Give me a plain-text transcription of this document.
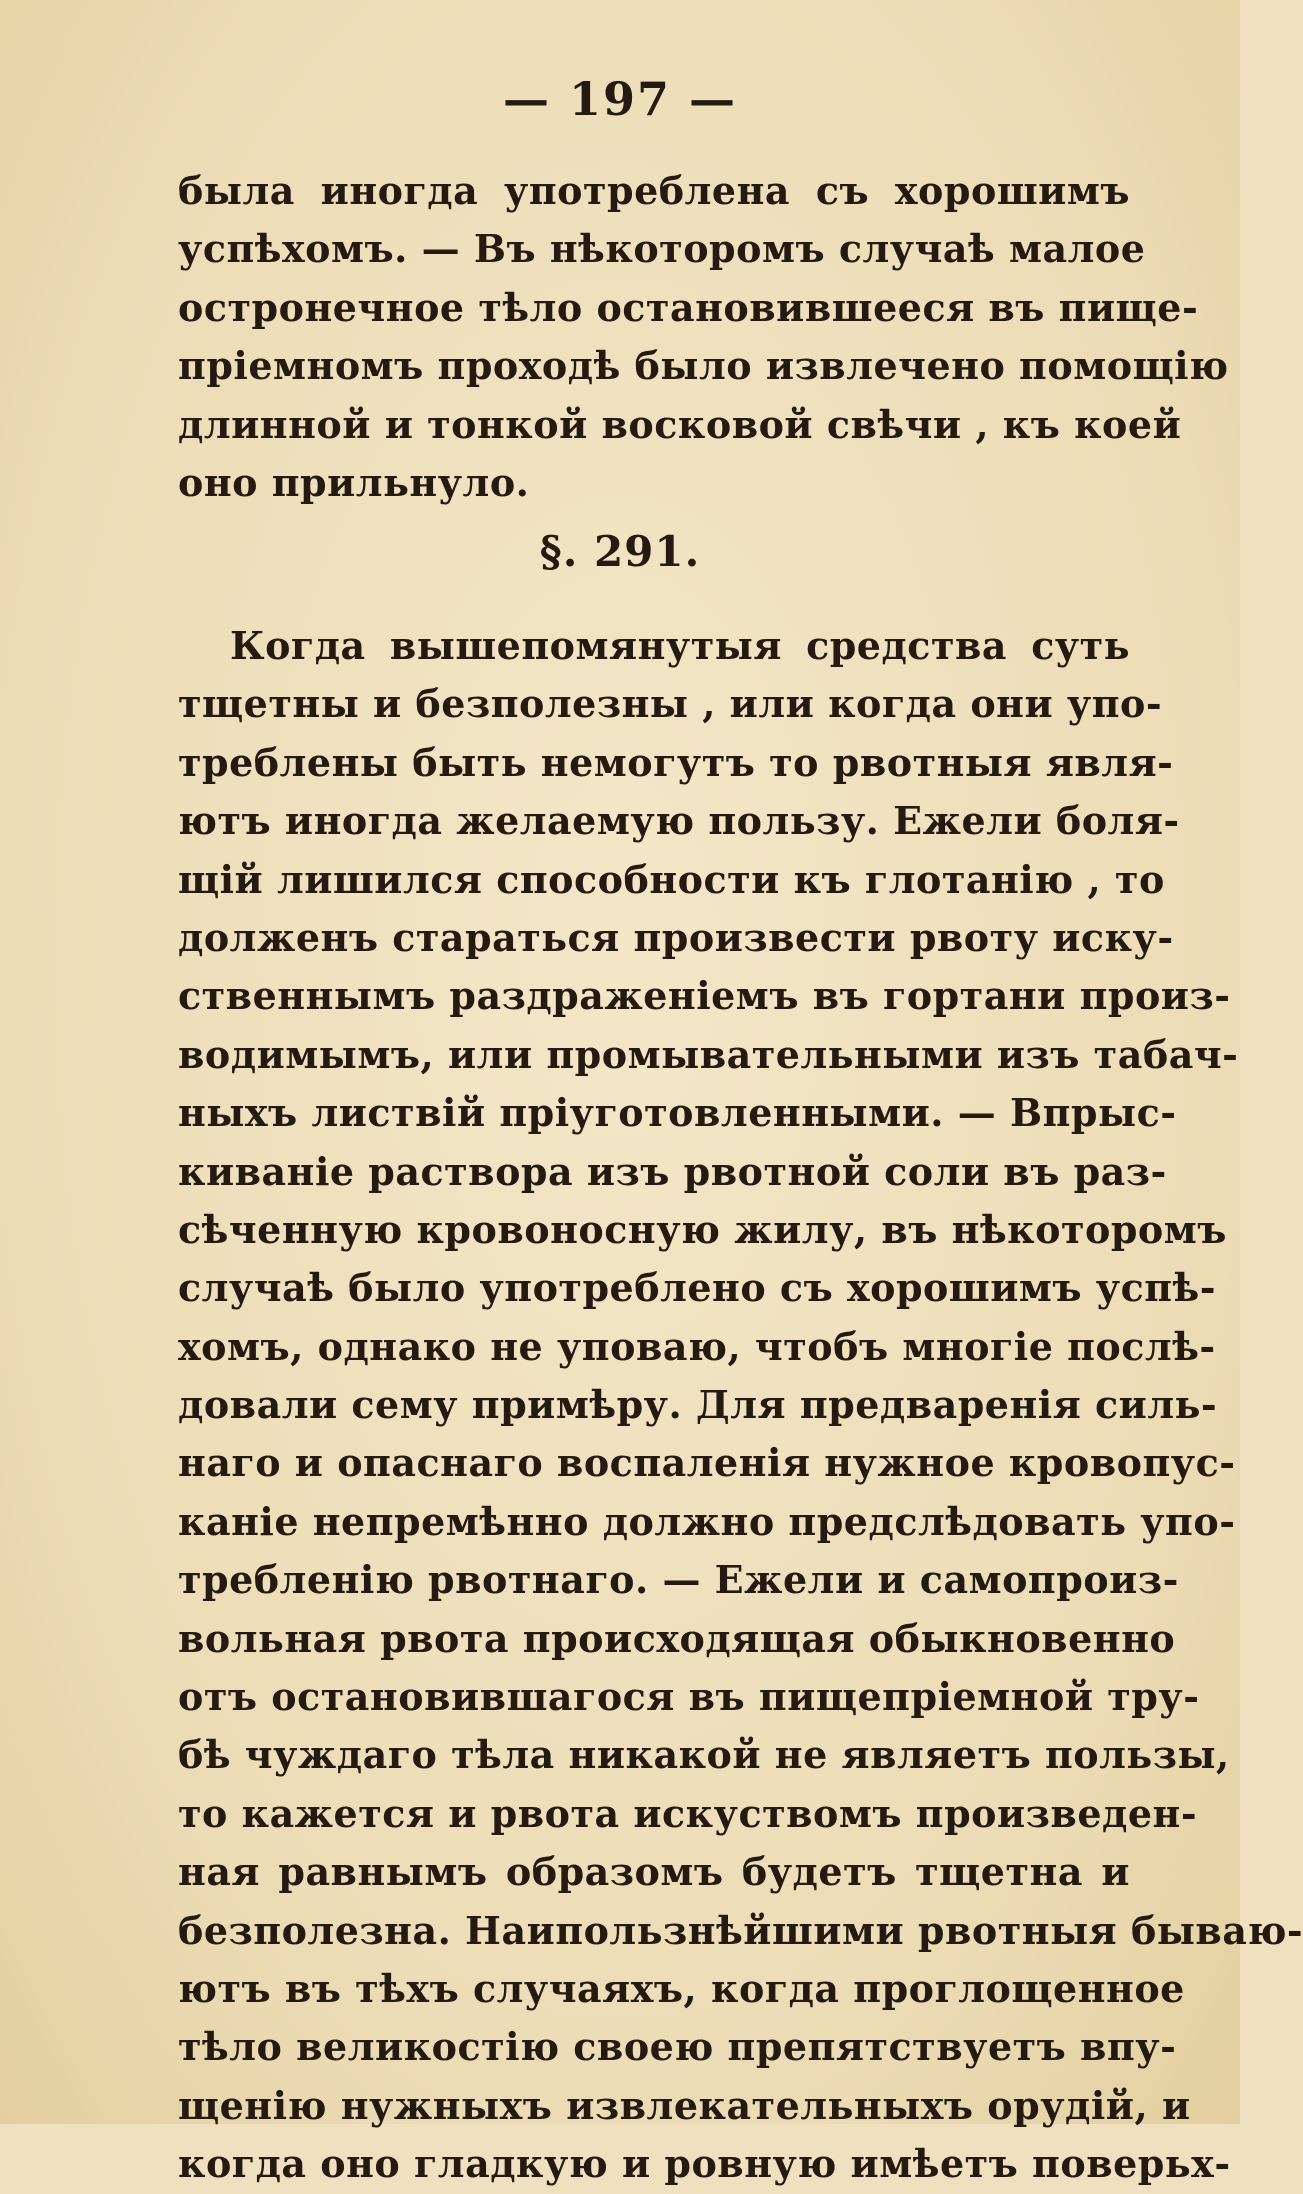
— 197 —
была иногда употреблена съ хорошимъ
успѣхомъ. — Въ нѣкоторомъ случаѣ малое
остронечное тѣло остановившееся въ пище-
пріемномъ проходѣ было извлечено помощію
длинной и тонкой восковой свѣчи , къ коей
оно прильнуло.
§. 291.
Когда вышепомянутыя средства суть
тщетны и безполезны , или когда они упо-
треблены быть немогутъ то рвотныя явля-
ютъ иногда желаемую пользу. Ежели боля-
щій лишился способности къ глотанію , то
долженъ стараться произвести рвоту иску-
ственнымъ раздраженіемъ въ гортани произ-
водимымъ, или промывательными изъ табач-
ныхъ листвій пріуготовленными. — Впрыс-
киванiе раствора изъ рвотной соли въ раз-
сѣченную кровоносную жилу, въ нѣкоторомъ
случаѣ было употреблено съ хорошимъ успѣ-
хомъ, однако не уповаю, чтобъ многіе послѣ-
довали сему примѣру. Для предваренія силь-
наго и опаснаго воспаленія нужное кровопус-
канiе непремѣнно должно предслѣдовать упо-
требленію рвотнаго. — Ежели и самопроиз-
вольная рвота происходящая обыкновенно
отъ остановившагося въ пищепріемной тру-
бѣ чуждаго тѣла никакой не являетъ пользы,
то кажется и рвота искуствомъ произведен-
ная равнымъ образомъ будетъ тщетна и
безполезна. Наипользнѣйшими рвотныя бываю-
ютъ въ тѣхъ случаяхъ, когда проглощенное
тѣло великостію своею препятствуетъ впу-
щенію нужныхъ извлекательныхъ орудій, и
когда оно гладкую и ровную имѣетъ поверьх-
